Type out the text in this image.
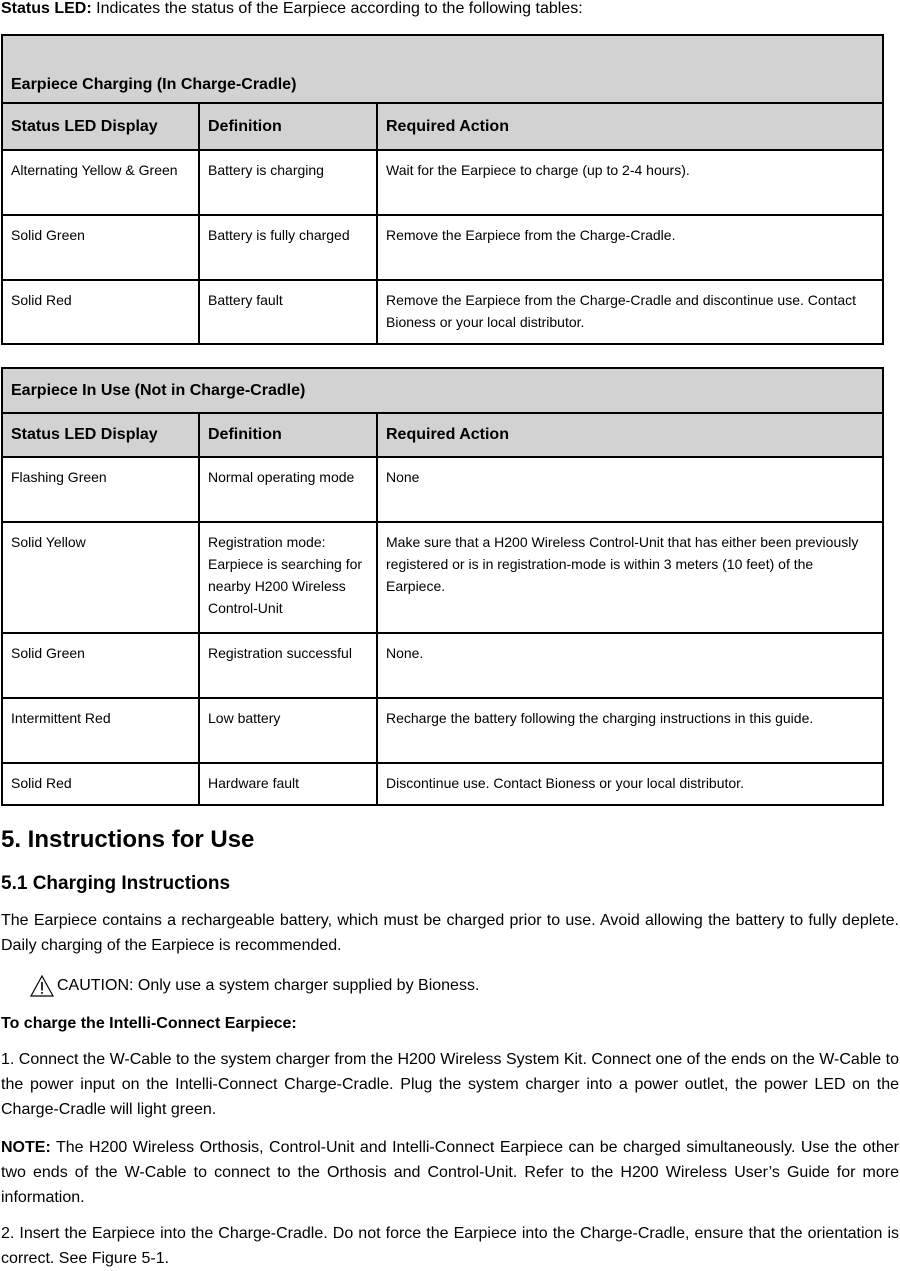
Status LED: Indicates the status of the Earpiece according to the following tables:
Earpiece Charging (In Charge-Cradle)		
Status LED Display	Definition	Required Action
Alternating Yellow & Green	Battery is charging	Wait for the Earpiece to charge (up to 2-4 hours).
Solid Green	Battery is fully charged	Remove the Earpiece from the Charge-Cradle.
Solid Red	Battery fault	Remove the Earpiece from the Charge-Cradle and discontinue use. Contact Bioness or your local distributor.
Earpiece In Use (Not in Charge-Cradle)		
Status LED Display	Definition	Required Action
Flashing Green	Normal operating mode	None
Solid Yellow	Registration mode: Earpiece is searching for nearby H200 Wireless Control-Unit	Make sure that a H200 Wireless Control-Unit that has either been previously registered or is in registration-mode is within 3 meters (10 feet) of the Earpiece.
Solid Green	Registration successful	None.
Intermittent Red	Low battery	Recharge the battery following the charging instructions in this guide.
Solid Red	Hardware fault	Discontinue use. Contact Bioness or your local distributor.
5. Instructions for Use
5.1 Charging Instructions
The Earpiece contains a rechargeable battery, which must be charged prior to use. Avoid allowing the battery to fully deplete. Daily charging of the Earpiece is recommended.
CAUTION: Only use a system charger supplied by Bioness.
To charge the Intelli-Connect Earpiece:
1. Connect the W-Cable to the system charger from the H200 Wireless System Kit. Connect one of the ends on the W-Cable to the power input on the Intelli-Connect Charge-Cradle. Plug the system charger into a power outlet, the power LED on the Charge-Cradle will light green.
NOTE: The H200 Wireless Orthosis, Control-Unit and Intelli-Connect Earpiece can be charged simultaneously. Use the other two ends of the W-Cable to connect to the Orthosis and Control-Unit. Refer to the H200 Wireless User’s Guide for more information.
2. Insert the Earpiece into the Charge-Cradle. Do not force the Earpiece into the Charge-Cradle, ensure that the orientation is correct. See Figure 5-1.
